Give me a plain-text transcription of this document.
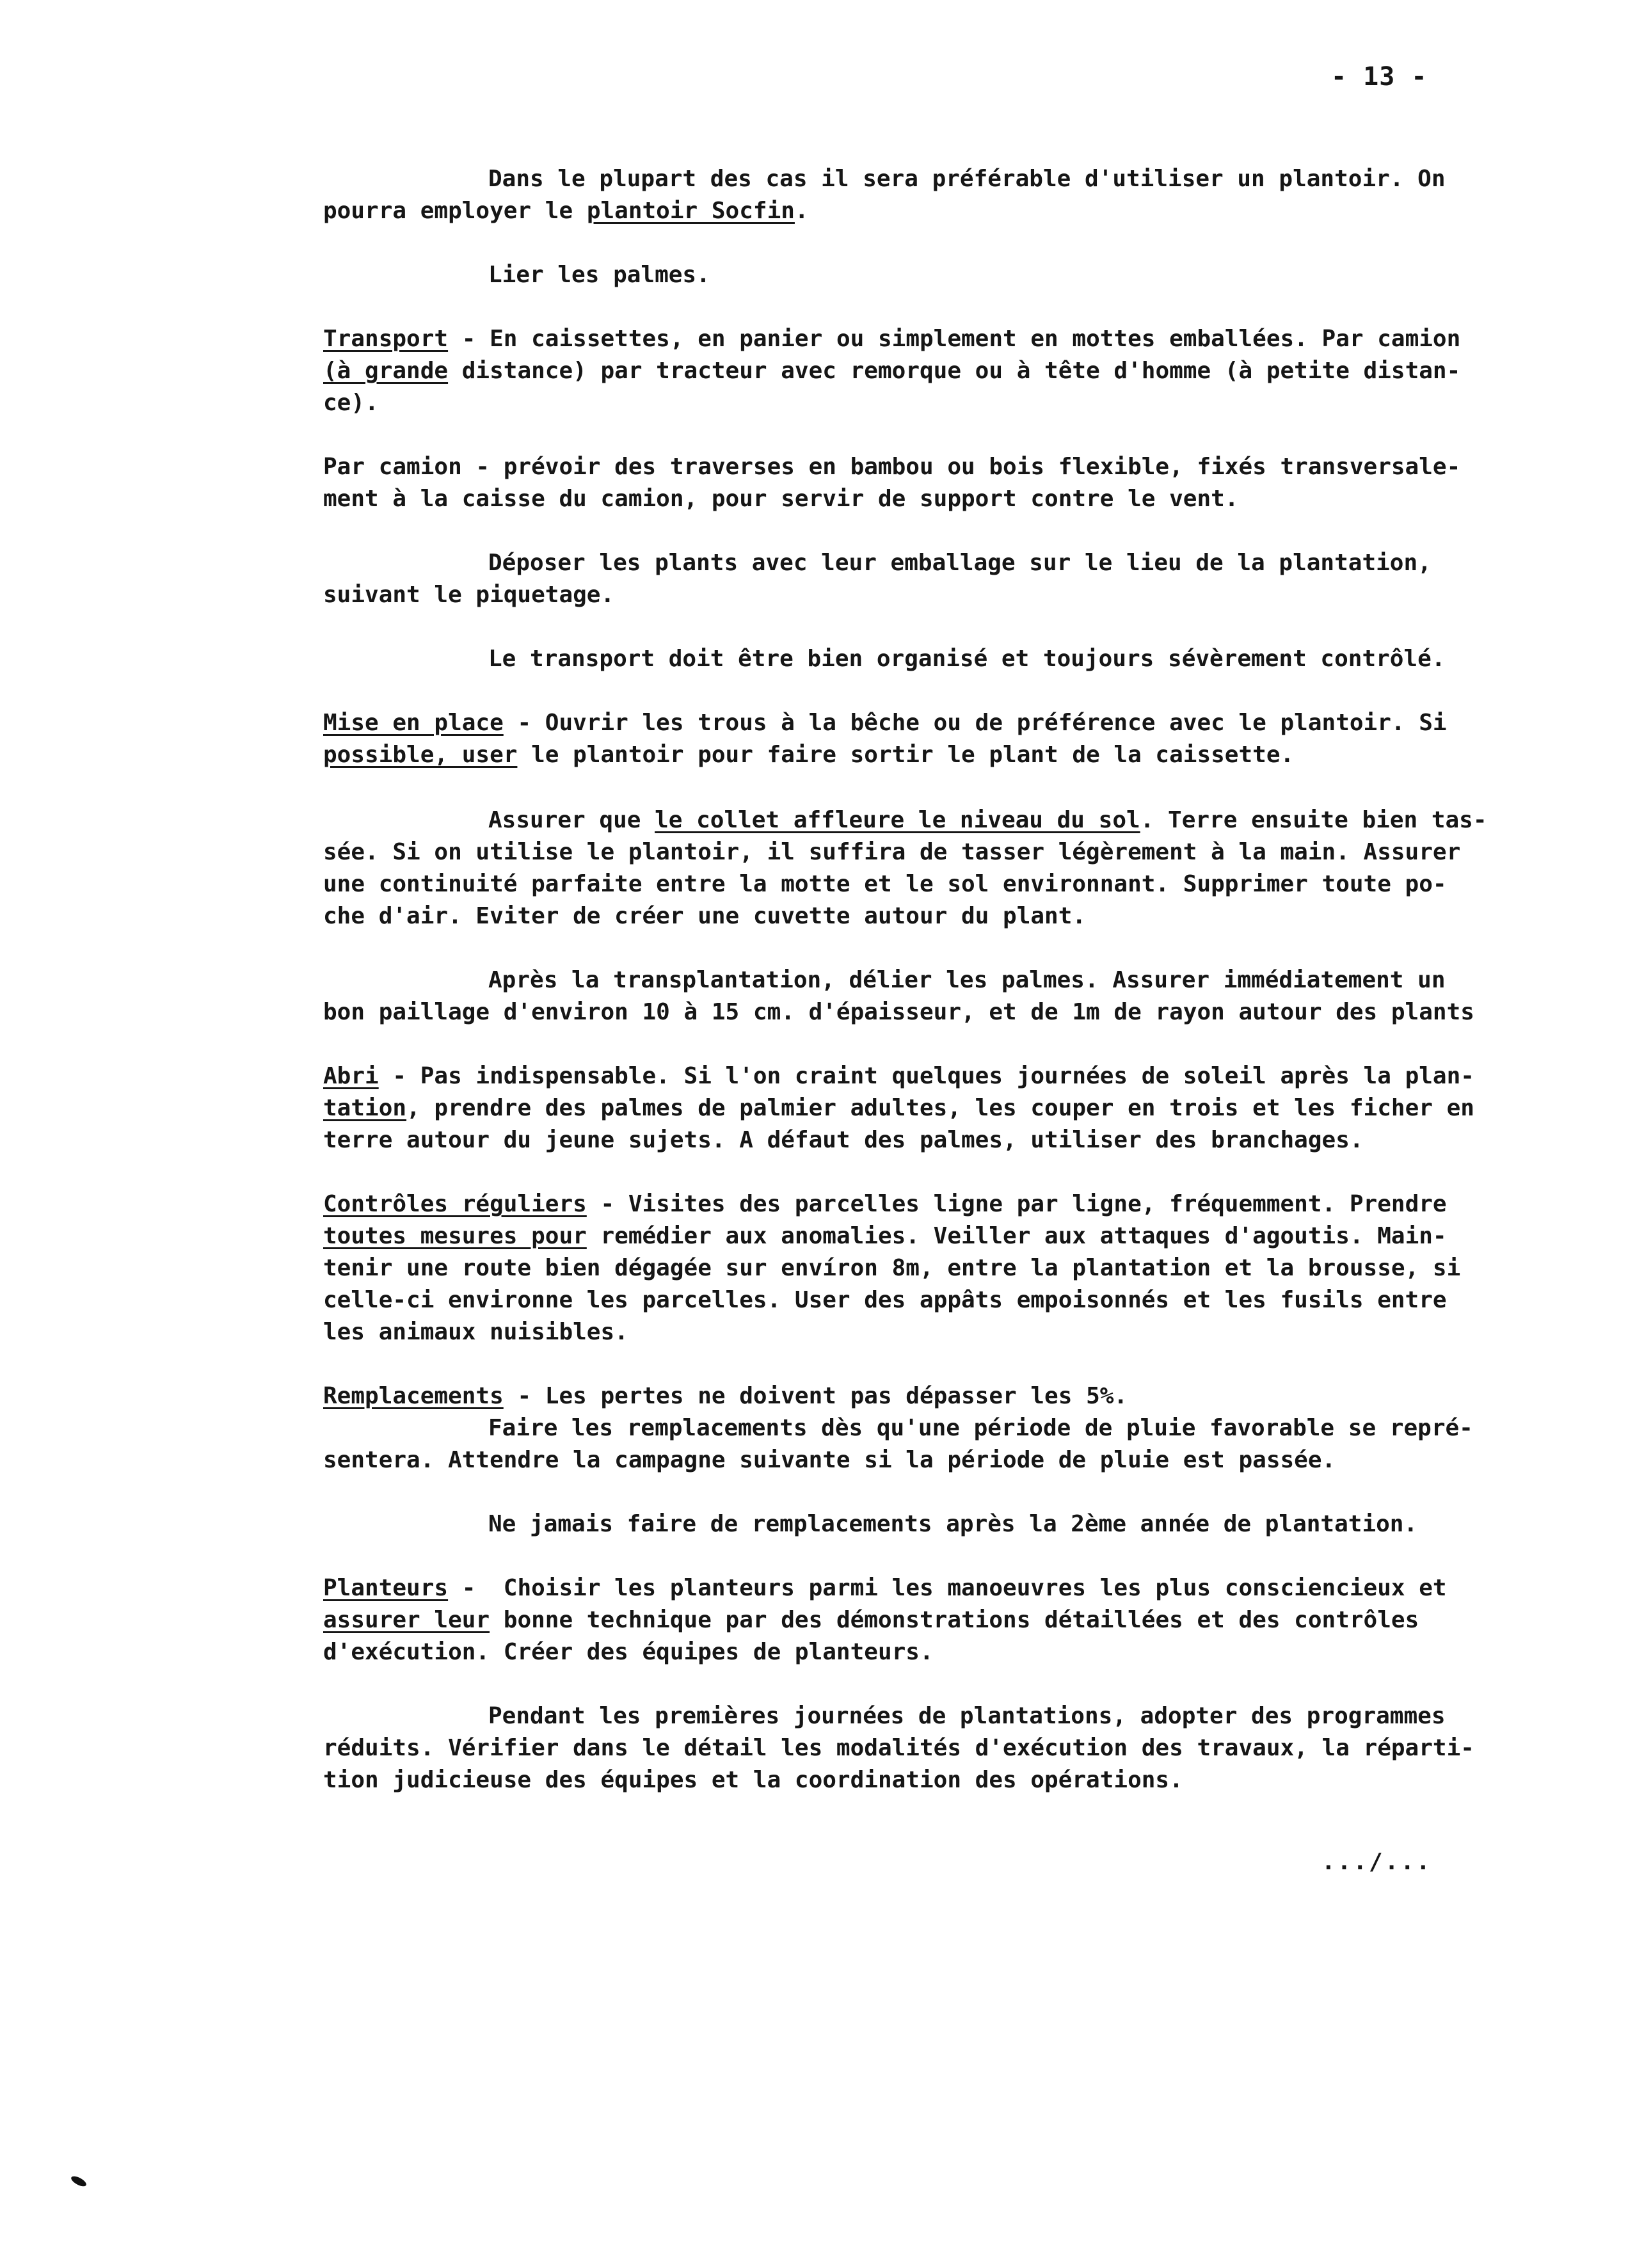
- 13 -
Dans le plupart des cas il sera préférable d'utiliser un plantoir. On
pourra employer le plantoir Socfin.
Lier les palmes.
Transport - En caissettes, en panier ou simplement en mottes emballées. Par camion
(à grande distance) par tracteur avec remorque ou à tête d'homme (à petite distan-
ce).
Par camion - prévoir des traverses en bambou ou bois flexible, fixés transversale-
ment à la caisse du camion, pour servir de support contre le vent.
Déposer les plants avec leur emballage sur le lieu de la plantation,
suivant le piquetage.
Le transport doit être bien organisé et toujours sévèrement contrôlé.
Mise en place - Ouvrir les trous à la bêche ou de préférence avec le plantoir. Si
possible, user le plantoir pour faire sortir le plant de la caissette.
Assurer que le collet affleure le niveau du sol. Terre ensuite bien tas-
sée. Si on utilise le plantoir, il suffira de tasser légèrement à la main. Assurer
une continuité parfaite entre la motte et le sol environnant. Supprimer toute po-
che d'air. Eviter de créer une cuvette autour du plant.
Après la transplantation, délier les palmes. Assurer immédiatement un
bon paillage d'environ 10 à 15 cm. d'épaisseur, et de 1m de rayon autour des plants
Abri - Pas indispensable. Si l'on craint quelques journées de soleil après la plan-
tation, prendre des palmes de palmier adultes, les couper en trois et les ficher en
terre autour du jeune sujets. A défaut des palmes, utiliser des branchages.
Contrôles réguliers - Visites des parcelles ligne par ligne, fréquemment. Prendre
toutes mesures pour remédier aux anomalies. Veiller aux attaques d'agoutis. Main-
tenir une route bien dégagée sur envíron 8m, entre la plantation et la brousse, si
celle-ci environne les parcelles. User des appâts empoisonnés et les fusils entre
les animaux nuisibles.
Remplacements - Les pertes ne doivent pas dépasser les 5%.
Faire les remplacements dès qu'une période de pluie favorable se repré-
sentera. Attendre la campagne suivante si la période de pluie est passée.
Ne jamais faire de remplacements après la 2ème année de plantation.
Planteurs -  Choisir les planteurs parmi les manoeuvres les plus consciencieux et
assurer leur bonne technique par des démonstrations détaillées et des contrôles
d'exécution. Créer des équipes de planteurs.
Pendant les premières journées de plantations, adopter des programmes
réduits. Vérifier dans le détail les modalités d'exécution des travaux, la réparti-
tion judicieuse des équipes et la coordination des opérations.
.../...
